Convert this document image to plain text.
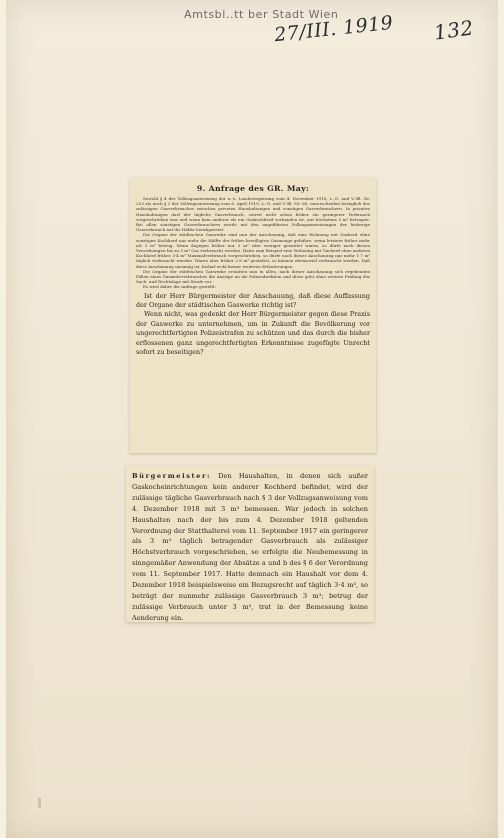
Amtsbl..tt ber Stadt Wien
27/III. 1919 132
9. Anfrage des GR. May:

Sowohl § 4 der Vollzugsanweisung der n.-ö. Landesregierung vom 4. November 1918, L.-G. und V.-Bl. Nr. 253 als auch § 2 der Vollzugsanweisung vom 6. April 1919, L.-G. und V.-Bl. Nr. 60, unterscheiden bezüglich des zulässigen Gasverbrauches zwischen privaten Haushaltungen und sonstigen Gasverbrauchern. In privaten Haushaltungen darf der tägliche Gasverbrauch, soweit nicht schon früher ein geringerer Verbrauch vorgeschrieben war und wenn kein anderer als ein Gaskochherd vorhanden ist, nur höchstens 3 m³ betragen. Bei allen sonstigen Gasverbrauchern wurde mit den angeführten Vollzugsanweisungen der bisherige Gasverbrauch auf die Hälfte herabgesetzt.

Die Organe der städtischen Gaswerke sind nun der Anschauung, daß eine Wohnung mit Gasherd ohne sonstigen Kochherd nur mehr die Hälfte der früher bewilligten Gasmenge gebühre, wenn letztere früher mehr als 3 m³ betrug. Wenn dagegen früher nur 3 m³ oder weniger gestattet waren, so dürfe nach diesen Verordnungen bis zu 3 m³ Gas verbraucht werden. Hatte zum Beispiel eine Wohnung mit Gasherd ohne anderen Kochherd früher 3·4 m³ Maximalverbrauch vorgeschrieben, so dürfe nach dieser Anschauung nur mehr 1·7 m³ täglich verbraucht werden. Waren aber früher 2·8 m³ gestattet, so können ebensoviel verbraucht werden. Daß diese Anschauung unsinnig ist, bedarf wohl keiner weiteren Erläuterungen.

Die Organe der städtischen Gaswerke erstatten nun in allen, nach dieser Anschauung sich ergebenden Fällen eines Gasmehrverbrauches die Anzeige an die Polizeidirektion und diese geht ohne weitere Prüfung der Sach- und Rechtslage mit Strafe vor.

Es wird daher die Anfrage gestellt:

Ist der Herr Bürgermeister der Anschauung, daß diese Auffassung der Organe der städtischen Gaswerke richtig ist?

Wenn nicht, was gedenkt der Herr Bürgermeister gegen diese Praxis der Gaswerke zu unternehmen, um in Zukunft die Bevölkerung vor ungerechtfertigten Polizeistrafen zu schützen und das durch die bisher erflossenen ganz ungerechtfertigten Erkenntnisse zugefügte Unrecht sofort zu beseitigen?

Bürgermeister: Den Haushalten, in denen sich außer Gaskocheinrichtungen kein anderer Kochherd befindet, wird der zulässige tägliche Gasverbrauch nach § 3 der Vollzugsanweisung vom 4. Dezember 1918 mit 3 m³ bemessen. War jedoch in solchen Haushalten nach der bis zum 4. Dezember 1918 geltenden Verordnung der Statthalterei vom 11. September 1917 ein geringerer als 3 m³ täglich betragender Gasverbrauch als zulässiger Höchstverbrauch vorgeschrieben, so erfolgte die Neubemessung in sinngemäßer Anwendung der Absätze a und b des § 6 der Verordnung vom 11. September 1917. Hatte demnach ein Haushalt vor dem 4. Dezember 1918 beispielsweise ein Bezugsrecht auf täglich 3·4 m³, so beträgt der nunmehr zulässige Gasverbrauch 3 m³; betrug der zulässige Verbrauch unter 3 m³, trat in der Bemessung keine Aenderung ein.
